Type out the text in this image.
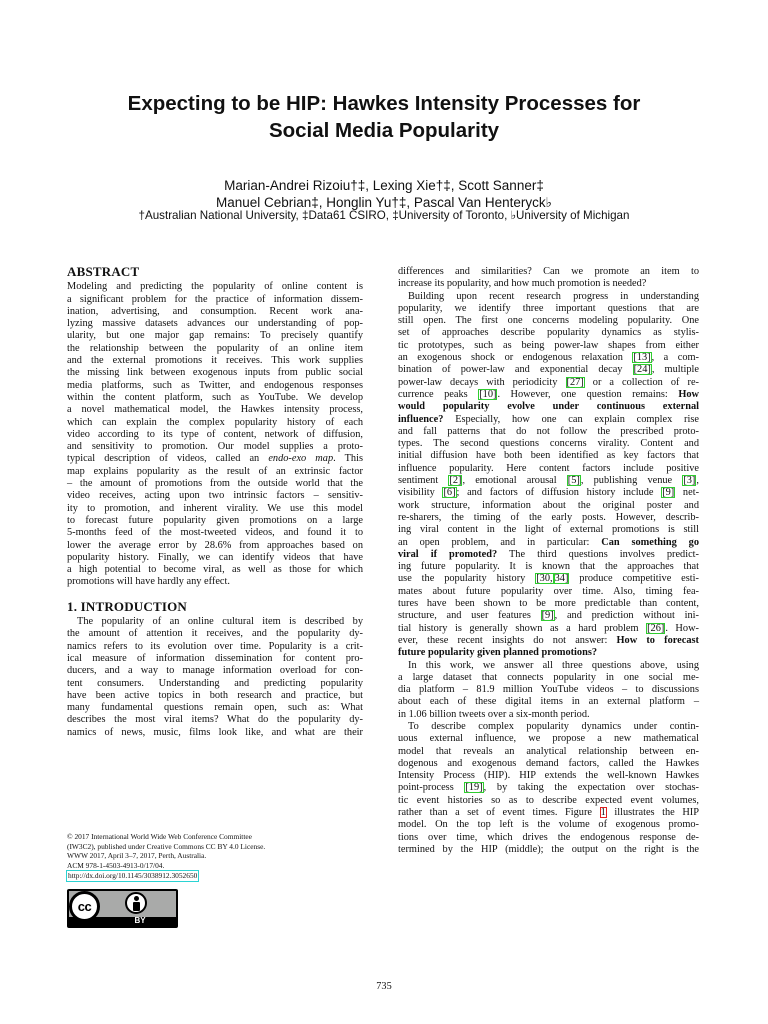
Expecting to be HIP: Hawkes Intensity Processes for
Social Media Popularity
Marian-Andrei Rizoiu†‡, Lexing Xie†‡, Scott Sanner‡
Manuel Cebrian‡, Honglin Yu†‡, Pascal Van Henteryck♭
†Australian National University, ‡Data61 CSIRO, ‡University of Toronto, ♭University of Michigan
ABSTRACT
Modeling and predicting the popularity of online content is
a significant problem for the practice of information dissem-
ination, advertising, and consumption. Recent work ana-
lyzing massive datasets advances our understanding of pop-
ularity, but one major gap remains: To precisely quantify
the relationship between the popularity of an online item
and the external promotions it receives. This work supplies
the missing link between exogenous inputs from public social
media platforms, such as Twitter, and endogenous responses
within the content platform, such as YouTube. We develop
a novel mathematical model, the Hawkes intensity process,
which can explain the complex popularity history of each
video according to its type of content, network of diffusion,
and sensitivity to promotion. Our model supplies a proto-
typical description of videos, called an endo-exo map. This
map explains popularity as the result of an extrinsic factor
– the amount of promotions from the outside world that the
video receives, acting upon two intrinsic factors – sensitiv-
ity to promotion, and inherent virality. We use this model
to forecast future popularity given promotions on a large
5-months feed of the most-tweeted videos, and found it to
lower the average error by 28.6% from approaches based on
popularity history. Finally, we can identify videos that have
a high potential to become viral, as well as those for which
promotions will have hardly any effect.
1. INTRODUCTION
The popularity of an online cultural item is described by
the amount of attention it receives, and the popularity dy-
namics refers to its evolution over time. Popularity is a crit-
ical measure of information dissemination for content pro-
ducers, and a way to manage information overload for con-
tent consumers. Understanding and predicting popularity
have been active topics in both research and practice, but
many fundamental questions remain open, such as: What
describes the most viral items? What do the popularity dy-
namics of news, music, films look like, and what are their
© 2017 International World Wide Web Conference Committee
(IW3C2), published under Creative Commons CC BY 4.0 License.
WWW 2017, April 3–7, 2017, Perth, Australia.
ACM 978-1-4503-4913-0/17/04.
http://dx.doi.org/10.1145/3038912.3052650
cc
BY
differences and similarities? Can we promote an item to
increase its popularity, and how much promotion is needed?
Building upon recent research progress in understanding
popularity, we identify three important questions that are
still open. The first one concerns modeling popularity. One
set of approaches describe popularity dynamics as stylis-
tic prototypes, such as being power-law shapes from either
an exogenous shock or endogenous relaxation [13], a com-
bination of power-law and exponential decay [24], multiple
power-law decays with periodicity [27] or a collection of re-
currence peaks [10]. However, one question remains: How
would popularity evolve under continuous external
influence? Especially, how one can explain complex rise
and fall patterns that do not follow the prescribed proto-
types. The second questions concerns virality. Content and
initial diffusion have both been identified as key factors that
influence popularity. Here content factors include positive
sentiment [2], emotional arousal [5], publishing venue [3],
visibility [6]; and factors of diffusion history include [9] net-
work structure, information about the original poster and
re-sharers, the timing of the early posts. However, describ-
ing viral content in the light of external promotions is still
an open problem, and in particular: Can something go
viral if promoted? The third questions involves predict-
ing future popularity. It is known that the approaches that
use the popularity history [30, 34] produce competitive esti-
mates about future popularity over time. Also, timing fea-
tures have been shown to be more predictable than content,
structure, and user features [9], and prediction without ini-
tial history is generally shown as a hard problem [26]. How-
ever, these recent insights do not answer: How to forecast
future popularity given planned promotions?
In this work, we answer all three questions above, using
a large dataset that connects popularity in one social me-
dia platform – 81.9 million YouTube videos – to discussions
about each of these digital items in an external platform –
in 1.06 billion tweets over a six-month period.
To describe complex popularity dynamics under contin-
uous external influence, we propose a new mathematical
model that reveals an analytical relationship between en-
dogenous and exogenous demand factors, called the Hawkes
Intensity Process (HIP). HIP extends the well-known Hawkes
point-process [19], by taking the expectation over stochas-
tic event histories so as to describe expected event volumes,
rather than a set of event times. Figure 1 illustrates the HIP
model. On the top left is the volume of exogenous promo-
tions over time, which drives the endogenous response de-
termined by the HIP (middle); the output on the right is the
735
